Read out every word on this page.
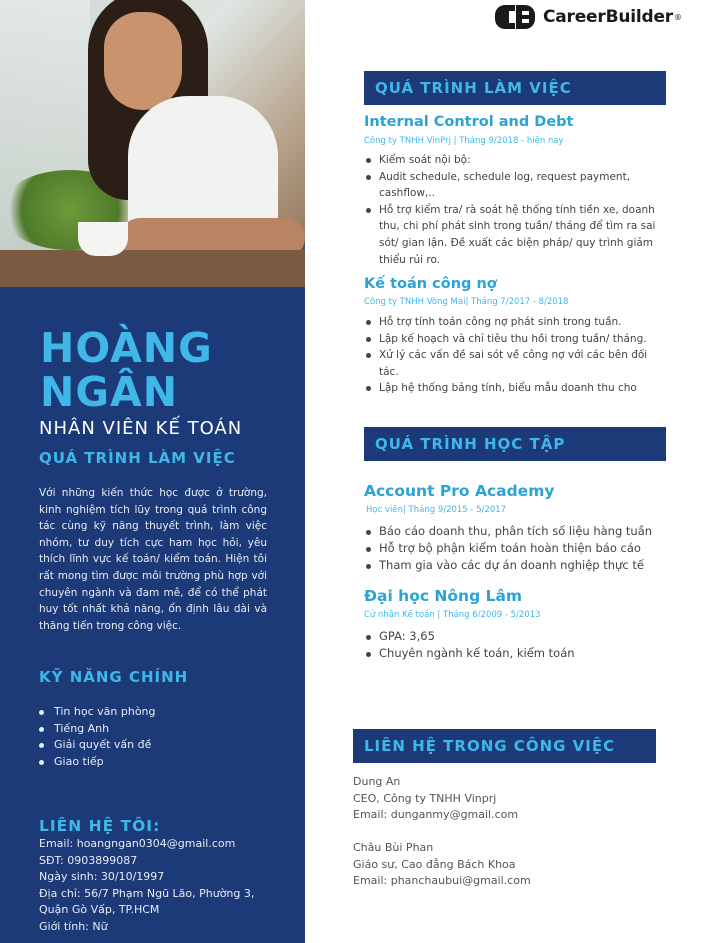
HOÀNG
NGÂN

NHÂN VIÊN KẾ TOÁN

QUÁ TRÌNH LÀM VIỆC

Với những kiến thức học được ở trường, kinh nghiệm tích lũy trong quá trình công tác cùng kỹ năng thuyết trình, làm việc nhóm, tư duy tích cực ham học hỏi, yêu thích lĩnh vực kế toán/ kiểm toán. Hiện tôi rất mong tìm được môi trường phù hợp với chuyên ngành và đam mê, để có thể phát huy tốt nhất khả năng, ổn định lâu dài và thăng tiến trong công việc.

KỸ NĂNG CHÍNH

Tin học văn phòng
Tiếng Anh
Giải quyết vấn đề
Giao tiếp

LIÊN HỆ TÔI:

Email: hoangngan0304@gmail.com
SĐT: 0903899087
Ngày sinh: 30/10/1997
Địa chỉ: 56/7 Phạm Ngũ Lão, Phường 3, Quận Gò Vấp, TP.HCM
Giới tính: Nữ
CareerBuilder ®
QUÁ TRÌNH LÀM VIỆC

Internal Control and Debt

Công ty TNHH VinPrj | Tháng 9/2018 - hiện nay

Kiểm soát nội bộ:
Audit schedule, schedule log, request payment, cashflow,..
Hỗ trợ kiểm tra/ rà soát hệ thống tính tiền xe, doanh thu, chi phí phát sinh trong tuần/ tháng để tìm ra sai sót/ gian lận. Đề xuất các biện pháp/ quy trình giảm thiểu rủi ro.

Kế toán công nợ

Công ty TNHH Vòng Mai| Tháng 7/2017 - 8/2018

Hỗ trợ tính toán công nợ phát sinh trong tuần.
Lập kế hoạch và chỉ tiêu thu hồi trong tuần/ tháng.
Xử lý các vấn đề sai sót về công nợ với các bên đối tác.
Lập hệ thống bảng tính, biểu mẫu doanh thu cho
QUÁ TRÌNH HỌC TẬP

Account Pro Academy

Học viên| Tháng 9/2015 - 5/2017

Báo cáo doanh thu, phân tích số liệu hàng tuần
Hỗ trợ bộ phận kiểm toán hoàn thiện báo cáo
Tham gia vào các dự án doanh nghiệp thực tế

Đại học Nông Lâm

Cử nhân Kế toán | Tháng 6/2009 - 5/2013

GPA: 3,65
Chuyên ngành kế toán, kiểm toán
LIÊN HỆ TRONG CÔNG VIỆC
Dung An
CEO, Công ty TNHH Vinprj
Email: dunganmy@gmail.com
Châu Bùi Phan
Giáo sư, Cao đẳng Bách Khoa
Email: phanchaubui@gmail.com
